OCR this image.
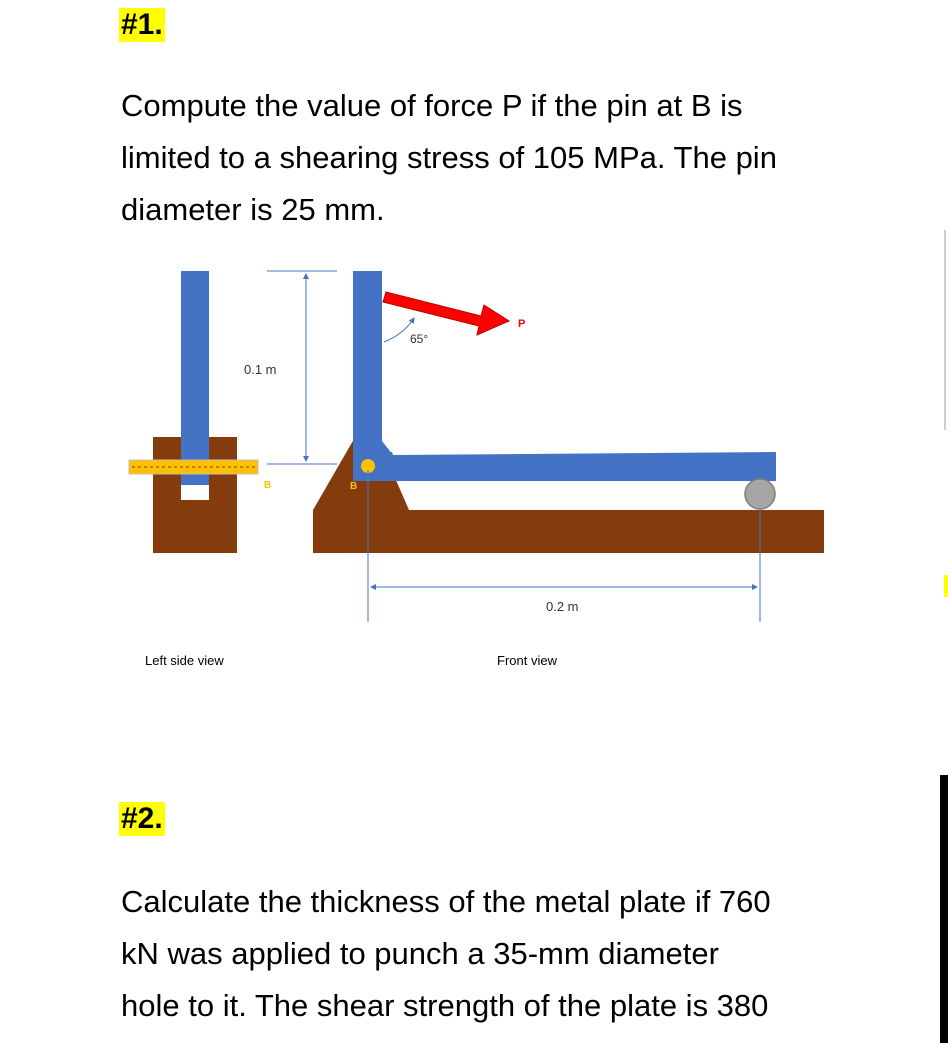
#1.
Compute the value of force P if the pin at B is
limited to a shearing stress of 105 MPa. The pin
diameter is 25 mm.
0.1 m
B
Left side view
B
0.2 m
P
65°
Front view
#2.
Calculate the thickness of the metal plate if 760
kN was applied to punch a 35-mm diameter
hole to it. The shear strength of the plate is 380
